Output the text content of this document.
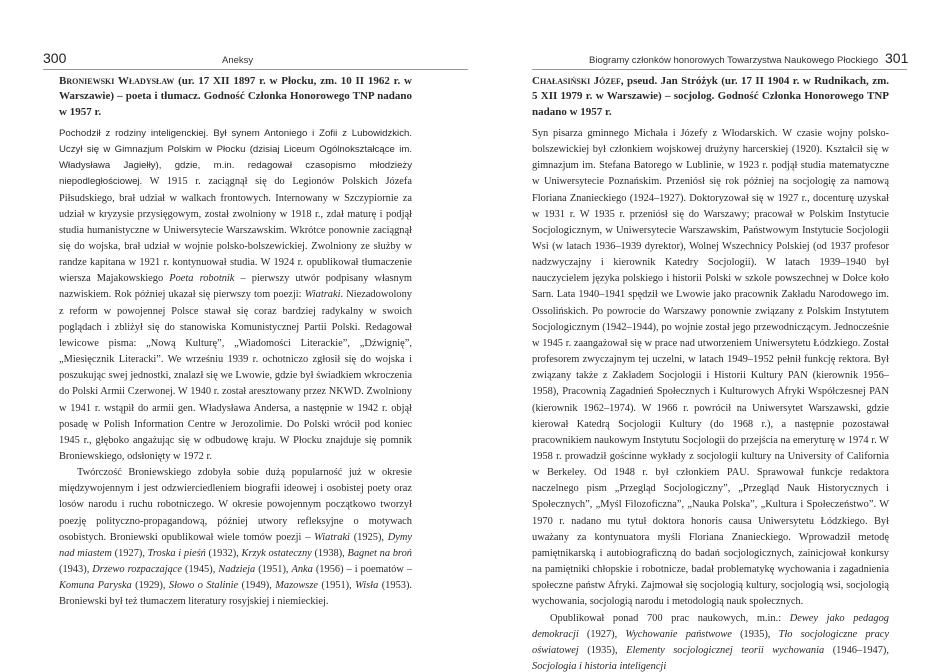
300	Aneksy

Broniewski Władysław (ur. 17 XII 1897 r. w Płocku, zm. 10 II 1962 r. w Warszawie) – poeta i tłumacz. Godność Członka Honorowego TNP nadano w 1957 r.

Pochodził z rodziny inteligenckiej. Był synem Antoniego i Zofii z Lubowidzkich. Uczył się w Gimnazjum Polskim w Płocku (dzisiaj Liceum Ogólnokształcące im. Władysława Jagiełły), gdzie, m.in. redagował czasopismo młodzieży niepodległościowej. W 1915 r. zaciągnął się do Legionów Polskich Józefa Piłsudskiego, brał udział w walkach frontowych. Internowany w Szczypiornie za udział w kryzysie przysięgowym, został zwolniony w 1918 r., zdał maturę i podjął studia humanistyczne w Uniwersytecie Warszawskim. Wkrótce ponownie zaciągnął się do wojska, brał udział w wojnie polsko-bolszewickiej. Zwolniony ze służby w randze kapitana w 1921 r. kontynuował studia. W 1924 r. opublikował tłumaczenie wiersza Majakowskiego Poeta robotnik – pierwszy utwór podpisany własnym nazwiskiem. Rok później ukazał się pierwszy tom poezji: Wiatraki. Niezadowolony z reform w powojennej Polsce stawał się coraz bardziej radykalny w swoich poglądach i zbliżył się do stanowiska Komunistycznej Partii Polski. Redagował lewicowe pisma: „Nową Kulturę”, „Wiadomości Literackie”, „Dźwignię”, „Miesięcznik Literacki”. We wrześniu 1939 r. ochotniczo zgłosił się do wojska i poszukując swej jednostki, znalazł się we Lwowie, gdzie był świadkiem wkroczenia do Polski Armii Czerwonej. W 1940 r. został aresztowany przez NKWD. Zwolniony w 1941 r. wstąpił do armii gen. Władysława Andersa, a następnie w 1942 r. objął posadę w Polish Information Centre w Jerozolimie. Do Polski wrócił pod koniec 1945 r., głęboko angażując się w odbudowę kraju. W Płocku znajduje się pomnik Broniewskiego, odsłonięty w 1972 r.

Twórczość Broniewskiego zdobyła sobie dużą popularność już w okresie międzywojennym i jest odzwierciedleniem biografii ideowej i osobistej poety oraz losów narodu i ruchu robotniczego. W okresie powojennym początkowo tworzył poezję polityczno-propagandową, później utwory refleksyjne o motywach osobistych. Broniewski opublikował wiele tomów poezji – Wiatraki (1925), Dymy nad miastem (1927), Troska i pieśń (1932), Krzyk ostateczny (1938), Bagnet na broń (1943), Drzewo rozpaczające (1945), Nadzieja (1951), Anka (1956) – i poematów – Komuna Paryska (1929), Słowo o Stalinie (1949), Mazowsze (1951), Wisła (1953). Broniewski był też tłumaczem literatury rosyjskiej i niemieckiej.

Biogramy członków honorowych Towarzystwa Naukowego Płockiego 301

Chałasiński Józef, pseud. Jan Stróżyk (ur. 17 II 1904 r. w Rudnikach, zm. 5 XII 1979 r. w Warszawie) – socjolog. Godność Członka Honorowego TNP nadano w 1957 r.

Syn pisarza gminnego Michała i Józefy z Włodarskich. W czasie wojny polsko-bolszewickiej był członkiem wojskowej drużyny harcerskiej (1920). Kształcił się w gimnazjum im. Stefana Batorego w Lublinie, w 1923 r. podjął studia matematyczne w Uniwersytecie Poznańskim. Przeniósł się rok później na socjologię za namową Floriana Znanieckiego (1924–1927). Doktoryzował się w 1927 r., docenturę uzyskał w 1931 r. W 1935 r. przeniósł się do Warszawy; pracował w Polskim Instytucie Socjologicznym, w Uniwersytecie Warszawskim, Państwowym Instytucie Socjologii Wsi (w latach 1936–1939 dyrektor), Wolnej Wszechnicy Polskiej (od 1937 profesor nadzwyczajny i kierownik Katedry Socjologii). W latach 1939–1940 był nauczycielem języka polskiego i historii Polski w szkole powszechnej w Dołce koło Sarn. Lata 1940–1941 spędził we Lwowie jako pracownik Zakładu Narodowego im. Ossolińskich. Po powrocie do Warszawy ponownie związany z Polskim Instytutem Socjologicznym (1942–1944), po wojnie został jego przewodniczącym. Jednocześnie w 1945 r. zaangażował się w prace nad utworzeniem Uniwersytetu Łódzkiego. Został profesorem zwyczajnym tej uczelni, w latach 1949–1952 pełnił funkcję rektora. Był związany także z Zakładem Socjologii i Historii Kultury PAN (kierownik 1956–1958), Pracownią Zagadnień Społecznych i Kulturowych Afryki Współczesnej PAN (kierownik 1962–1974). W 1966 r. powrócił na Uniwersytet Warszawski, gdzie kierował Katedrą Socjologii Kultury (do 1968 r.), a następnie pozostawał pracownikiem naukowym Instytutu Socjologii do przejścia na emeryturę w 1974 r. W 1958 r. prowadził gościnne wykłady z socjologii kultury na University of California w Berkeley. Od 1948 r. był członkiem PAU. Sprawował funkcje redaktora naczelnego pism „Przegląd Socjologiczny”, „Przegląd Nauk Historycznych i Społecznych”, „Myśl Filozoficzna”, „Nauka Polska”, „Kultura i Społeczeństwo”. W 1970 r. nadano mu tytuł doktora honoris causa Uniwersytetu Łódzkiego. Był uważany za kontynuatora myśli Floriana Znanieckiego. Wprowadził metodę pamiętnikarską i autobiograficzną do badań socjologicznych, zainicjował konkursy na pamiętniki chłopskie i robotnicze, badał problematykę wychowania i zagadnienia społeczne państw Afryki. Zajmował się socjologią kultury, socjologią wsi, socjologią wychowania, socjologią narodu i metodologią nauk społecznych.

Opublikował ponad 700 prac naukowych, m.in.: Dewey jako pedagog demokracji (1927), Wychowanie państwowe (1935), Tło socjologiczne pracy oświatowej (1935), Elementy socjologicznej teorii wychowania (1946–1947), Socjologia i historia inteligencji
